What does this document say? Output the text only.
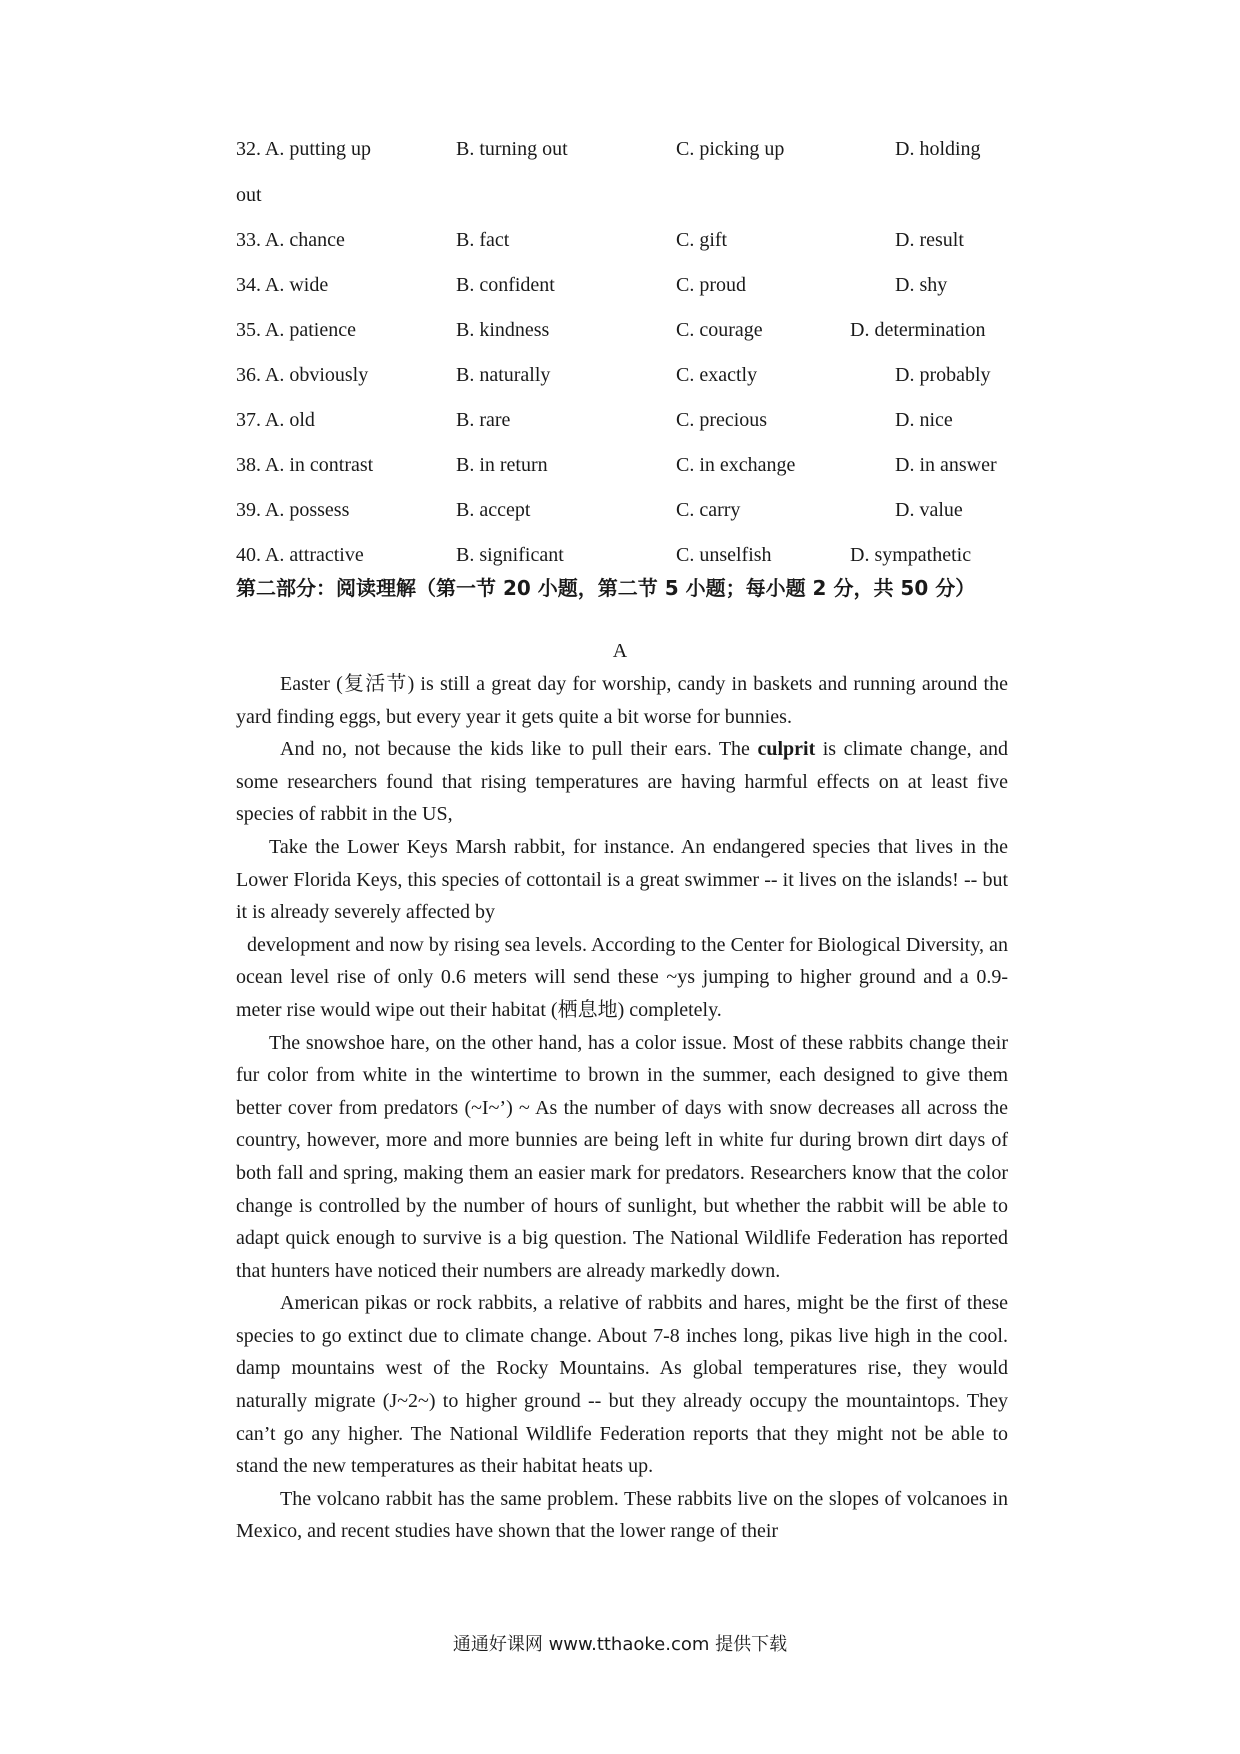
32. A. putting up	B. turning out	C. picking up	D. holding
out
33. A. chance	B. fact	C. gift	D. result
34. A. wide	B. confident	C. proud	D. shy
35. A. patience	B. kindness	C. courage	D. determination
36. A. obviously	B. naturally	C. exactly	D. probably
37. A. old	B. rare	C. precious	D. nice
38. A. in contrast	B. in return	C. in exchange	D. in answer
39. A. possess	B. accept	C. carry	D. value
40. A. attractive	B. significant	C. unselfish	D. sympathetic
第二部分：阅读理解（第一节 20 小题，第二节 5 小题；每小题 2 分，共 50 分）
A

Easter (复活节) is still a great day for worship, candy in baskets and running around the yard finding eggs, but every year it gets quite a bit worse for bunnies.

And no, not because the kids like to pull their ears. The culprit is climate change, and some researchers found that rising temperatures are having harmful effects on at least five species of rabbit in the US,

Take the Lower Keys Marsh rabbit, for instance. An endangered species that lives in the Lower Florida Keys, this species of cottontail is a great swimmer -- it lives on the islands! -- but it is already severely affected by

development and now by rising sea levels. According to the Center for Biological Diversity, an ocean level rise of only 0.6 meters will send these ~ys jumping to higher ground and a 0.9-meter rise would wipe out their habitat (栖息地) completely.

The snowshoe hare, on the other hand, has a color issue. Most of these rabbits change their fur color from white in the wintertime to brown in the summer, each designed to give them better cover from predators (~I~’) ~ As the number of days with snow decreases all across the country, however, more and more bunnies are being left in white fur during brown dirt days of both fall and spring, making them an easier mark for predators. Researchers know that the color change is controlled by the number of hours of sunlight, but whether the rabbit will be able to adapt quick enough to survive is a big question. The National Wildlife Federation has reported that hunters have noticed their numbers are already markedly down.

American pikas or rock rabbits, a relative of rabbits and hares, might be the first of these species to go extinct due to climate change. About 7-8 inches long, pikas live high in the cool. damp mountains west of the Rocky Mountains. As global temperatures rise, they would naturally migrate (J~2~) to higher ground -- but they already occupy the mountaintops. They can’t go any higher. The National Wildlife Federation reports that they might not be able to stand the new temperatures as their habitat heats up.

The volcano rabbit has the same problem. These rabbits live on the slopes of volcanoes in Mexico, and recent studies have shown that the lower range of their

通通好课网 www.tthaoke.com 提供下载
